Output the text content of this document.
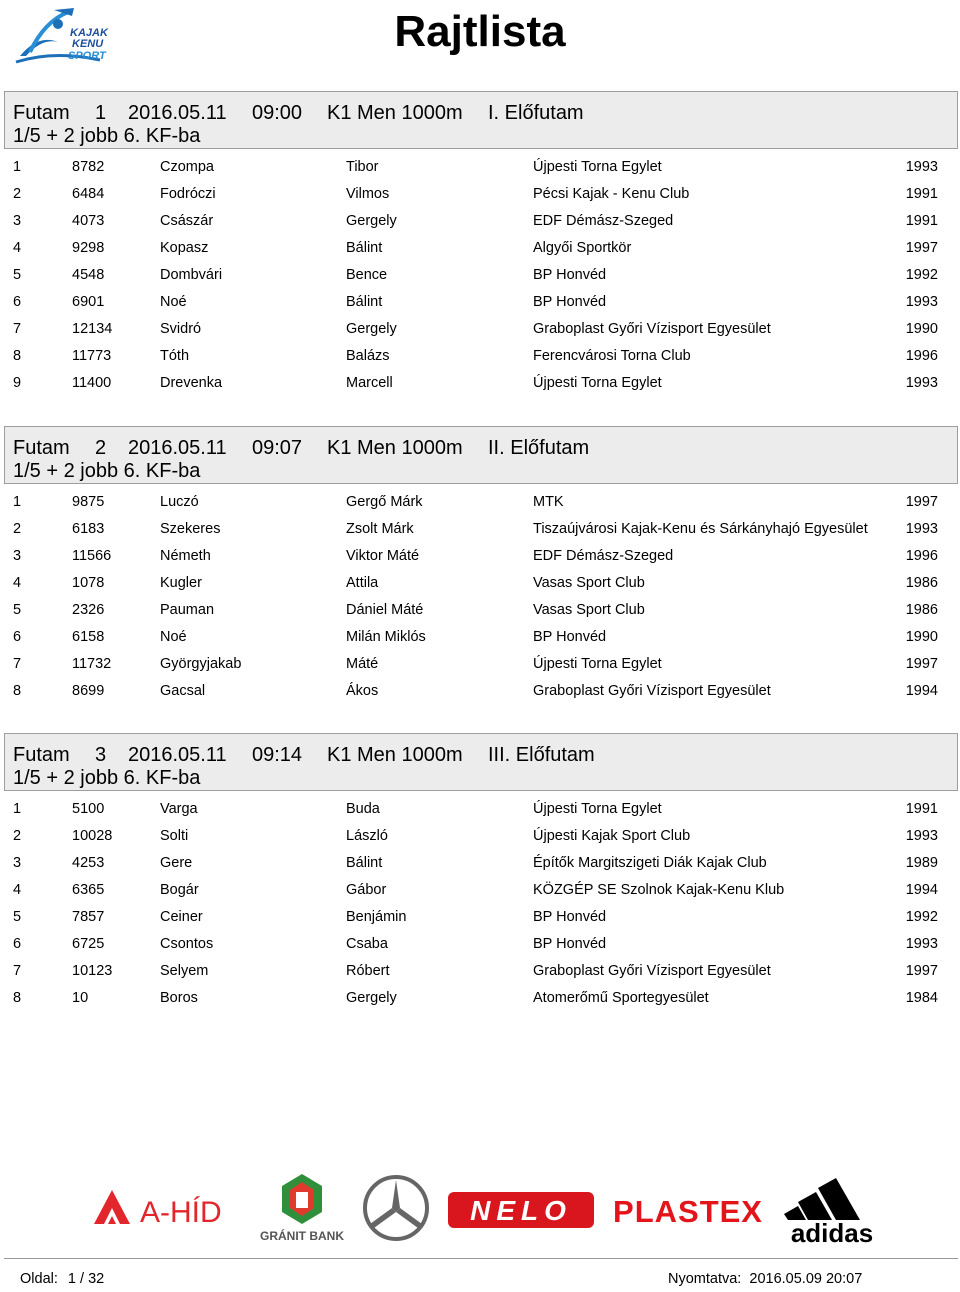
KAJAK
KENU
SPORT	Rajtlista
Futam 1 2016.05.11 09:00 K1 Men 1000m I. Előfutam
1/5 + 2 jobb 6. KF-ba
1	8782	Czompa	Tibor	Újpesti Torna Egylet	1993
2	6484	Fodróczi	Vilmos	Pécsi Kajak - Kenu Club	1991
3	4073	Császár	Gergely	EDF Démász-Szeged	1991
4	9298	Kopasz	Bálint	Algyői Sportkör	1997
5	4548	Dombvári	Bence	BP Honvéd	1992
6	6901	Noé	Bálint	BP Honvéd	1993
7	12134	Svidró	Gergely	Graboplast Győri Vízisport Egyesület	1990
8	11773	Tóth	Balázs	Ferencvárosi Torna Club	1996
9	11400	Drevenka	Marcell	Újpesti Torna Egylet	1993
Futam 2 2016.05.11 09:07 K1 Men 1000m II. Előfutam
1/5 + 2 jobb 6. KF-ba
1	9875	Luczó	Gergő Márk	MTK	1997
2	6183	Szekeres	Zsolt Márk	Tiszaújvárosi Kajak-Kenu és Sárkányhajó Egyesület	1993
3	11566	Németh	Viktor Máté	EDF Démász-Szeged	1996
4	1078	Kugler	Attila	Vasas Sport Club	1986
5	2326	Pauman	Dániel Máté	Vasas Sport Club	1986
6	6158	Noé	Milán Miklós	BP Honvéd	1990
7	11732	Györgyjakab	Máté	Újpesti Torna Egylet	1997
8	8699	Gacsal	Ákos	Graboplast Győri Vízisport Egyesület	1994
Futam 3 2016.05.11 09:14 K1 Men 1000m III. Előfutam
1/5 + 2 jobb 6. KF-ba
1	5100	Varga	Buda	Újpesti Torna Egylet	1991
2	10028	Solti	László	Újpesti Kajak Sport Club	1993
3	4253	Gere	Bálint	Építők Margitszigeti Diák Kajak Club	1989
4	6365	Bogár	Gábor	KÖZGÉP SE Szolnok Kajak-Kenu Klub	1994
5	7857	Ceiner	Benjámin	BP Honvéd	1992
6	6725	Csontos	Csaba	BP Honvéd	1993
7	10123	Selyem	Róbert	Graboplast Győri Vízisport Egyesület	1997
8	10	Boros	Gergely	Atomerőmű Sportegyesület	1984
A-HÍD
GRÁNIT BANK
NELO PLASTEX
adidas
Oldal: 1 / 32	Nyomtatva: 2016.05.09 20:07
